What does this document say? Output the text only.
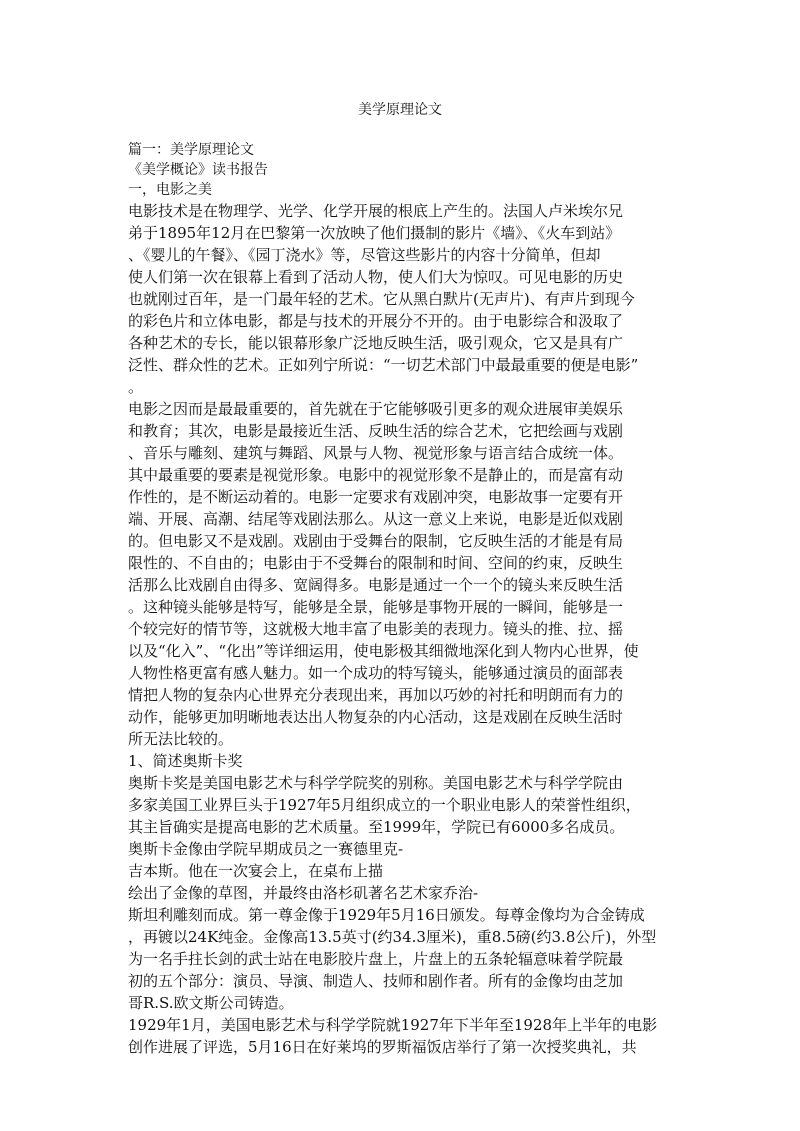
美学原理论文

篇一：美学原理论文

《美学概论》读书报告

一，电影之美

电影技术是在物理学、光学、化学开展的根底上产生的。法国人卢米埃尔兄

弟于1895年12月在巴黎第一次放映了他们摄制的影片《墙》、《火车到站》

、《婴儿的午餐》、《园丁浇水》等，尽管这些影片的内容十分简单，但却

使人们第一次在银幕上看到了活动人物，使人们大为惊叹。可见电影的历史

也就刚过百年，是一门最年轻的艺术。它从黑白默片(无声片)、有声片到现今

的彩色片和立体电影，都是与技术的开展分不开的。由于电影综合和汲取了

各种艺术的专长，能以银幕形象广泛地反映生活，吸引观众，它又是具有广

泛性、群众性的艺术。正如列宁所说：“一切艺术部门中最最重要的便是电影”

。

电影之因而是最最重要的，首先就在于它能够吸引更多的观众进展审美娱乐

和教育；其次，电影是最接近生活、反映生活的综合艺术，它把绘画与戏剧

、音乐与雕刻、建筑与舞蹈、风景与人物、视觉形象与语言结合成统一体。

其中最重要的要素是视觉形象。电影中的视觉形象不是静止的，而是富有动

作性的，是不断运动着的。电影一定要求有戏剧冲突，电影故事一定要有开

端、开展、高潮、结尾等戏剧法那么。从这一意义上来说，电影是近似戏剧

的。但电影又不是戏剧。戏剧由于受舞台的限制，它反映生活的才能是有局

限性的、不自由的；电影由于不受舞台的限制和时间、空间的约束，反映生

活那么比戏剧自由得多、宽阔得多。电影是通过一个一个的镜头来反映生活

。这种镜头能够是特写，能够是全景，能够是事物开展的一瞬间，能够是一

个较完好的情节等，这就极大地丰富了电影美的表现力。镜头的推、拉、摇

以及“化入”、“化出”等详细运用，使电影极其细微地深化到人物内心世界，使

人物性格更富有感人魅力。如一个成功的特写镜头，能够通过演员的面部表

情把人物的复杂内心世界充分表现出来，再加以巧妙的衬托和明朗而有力的

动作，能够更加明晰地表达出人物复杂的内心活动，这是戏剧在反映生活时

所无法比较的。

1、简述奥斯卡奖

奥斯卡奖是美国电影艺术与科学学院奖的别称。美国电影艺术与科学学院由

多家美国工业界巨头于1927年5月组织成立的一个职业电影人的荣誉性组织，

其主旨确实是提高电影的艺术质量。至1999年，学院已有6000多名成员。

奥斯卡金像由学院早期成员之一赛德里克-

吉本斯。他在一次宴会上，在桌布上描

绘出了金像的草图，并最终由洛杉矶著名艺术家乔治-

斯坦利雕刻而成。第一尊金像于1929年5月16日颁发。每尊金像均为合金铸成

，再镀以24K纯金。金像高13.5英寸(约34.3厘米)，重8.5磅(约3.8公斤)，外型

为一名手拄长剑的武士站在电影胶片盘上，片盘上的五条轮辐意味着学院最

初的五个部分：演员、导演、制造人、技师和剧作者。所有的金像均由芝加

哥R.S.欧文斯公司铸造。

1929年1月，美国电影艺术与科学学院就1927年下半年至1928年上半年的电影

创作进展了评选，5月16日在好莱坞的罗斯福饭店举行了第一次授奖典礼，共
